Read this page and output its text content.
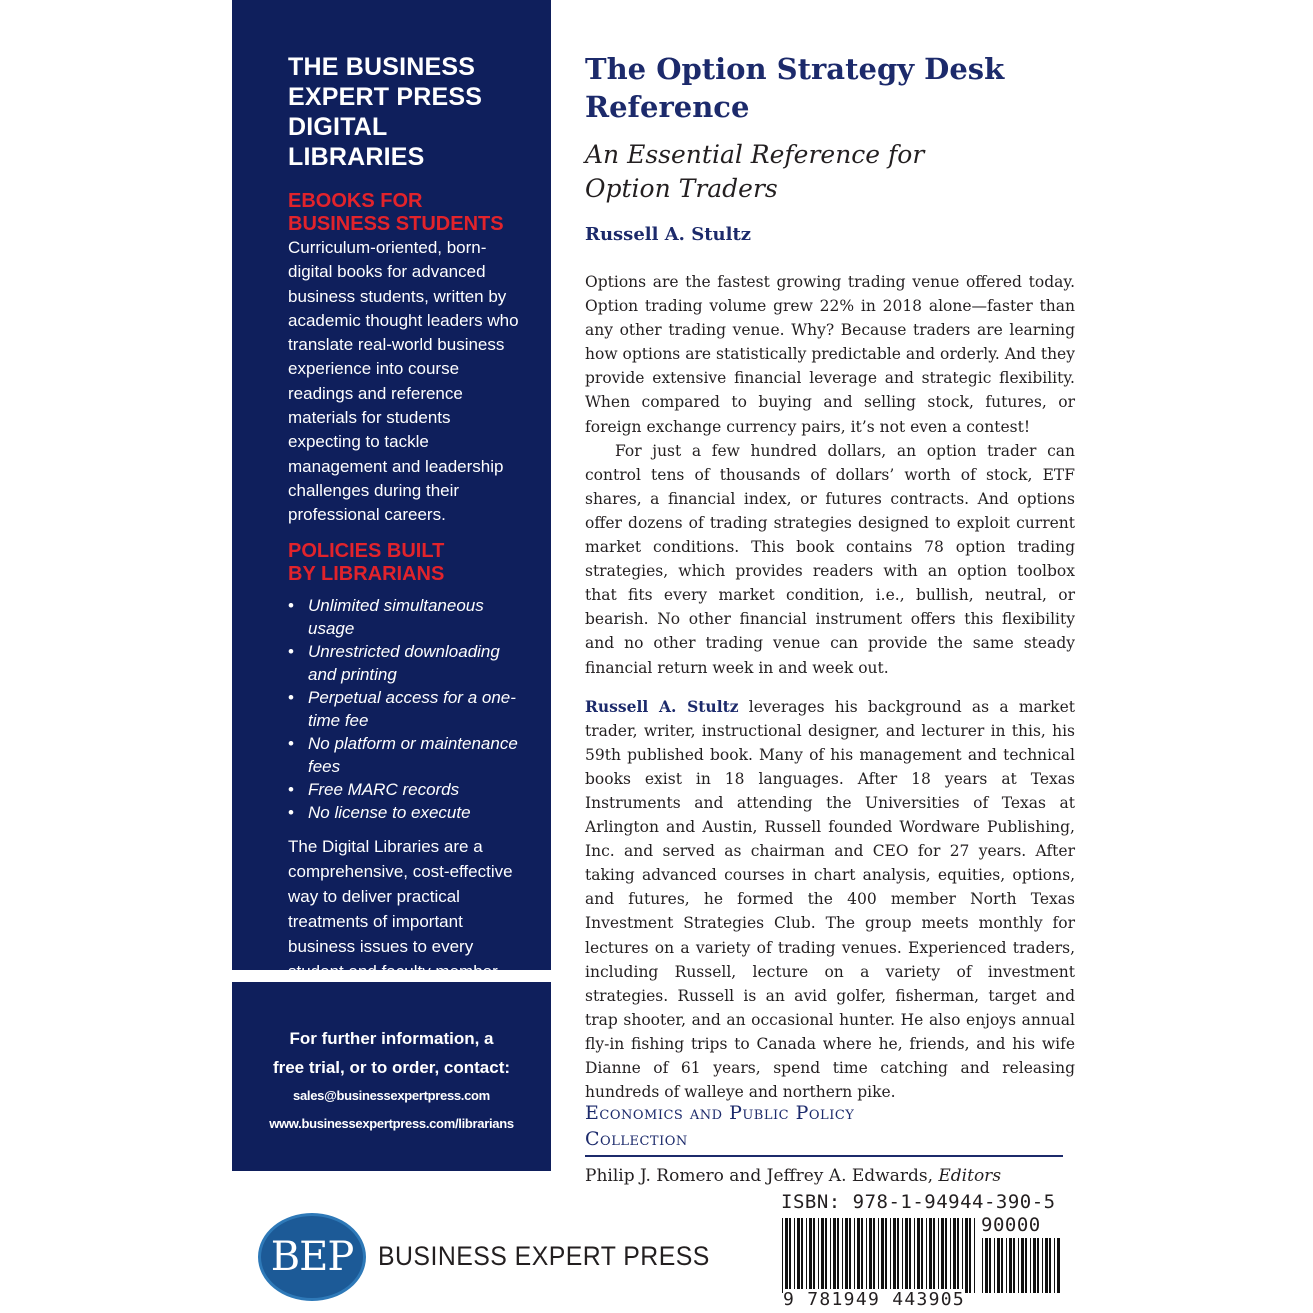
THE BUSINESS
EXPERT PRESS
DIGITAL LIBRARIES
EBOOKS FOR
BUSINESS STUDENTS
Curriculum-oriented, born-digital books for advanced business students, written by academic thought leaders who translate real-world business experience into course readings and reference materials for students expecting to tackle management and leadership challenges during their professional careers.
POLICIES BUILT
BY LIBRARIANS
• Unlimited simultaneous usage
• Unrestricted downloading and printing
• Perpetual access for a one-time fee
• No platform or maintenance fees
• Free MARC records
• No license to execute
The Digital Libraries are a comprehensive, cost-effective way to deliver practical treatments of important business issues to every student and faculty member.
For further information, a
free trial, or to order, contact:
sales@businessexpertpress.com
www.businessexpertpress.com/librarians
The Option Strategy Desk
Reference
An Essential Reference for
Option Traders
Russell A. Stultz

Options are the fastest growing trading venue offered today. Option trading volume grew 22% in 2018 alone—faster than any other trading venue. Why? Because traders are learning how options are statistically predictable and orderly. And they provide extensive financial leverage and strategic flexibility. When compared to buying and selling stock, futures, or foreign exchange currency pairs, it’s not even a contest!

For just a few hundred dollars, an option trader can control tens of thousands of dollars’ worth of stock, ETF shares, a financial index, or futures contracts. And options offer dozens of trading strategies designed to exploit current market conditions. This book contains 78 option trading strategies, which provides readers with an option toolbox that fits every market condition, i.e., bullish, neutral, or bearish. No other financial instrument offers this flexibility and no other trading venue can provide the same steady financial return week in and week out.

Russell A. Stultz leverages his background as a market trader, writer, instructional designer, and lecturer in this, his 59th published book. Many of his management and technical books exist in 18 languages. After 18 years at Texas Instruments and attending the Universities of Texas at Arlington and Austin, Russell founded Wordware Publishing, Inc. and served as chairman and CEO for 27 years. After taking advanced courses in chart analysis, equities, options, and futures, he formed the 400 member North Texas Investment Strategies Club. The group meets monthly for lectures on a variety of trading venues. Experienced traders, including Russell, lecture on a variety of investment strategies. Russell is an avid golfer, fisherman, target and trap shooter, and an occasional hunter. He also enjoys annual fly-in fishing trips to Canada where he, friends, and his wife Dianne of 61 years, spend time catching and releasing hundreds of walleye and northern pike.

Economics and Public Policy
Collection
Philip J. Romero and Jeffrey A. Edwards, Editors
BEP BUSINESS EXPERT PRESS
ISBN: 978-1-94944-390-5
90000
9 781949 443905
